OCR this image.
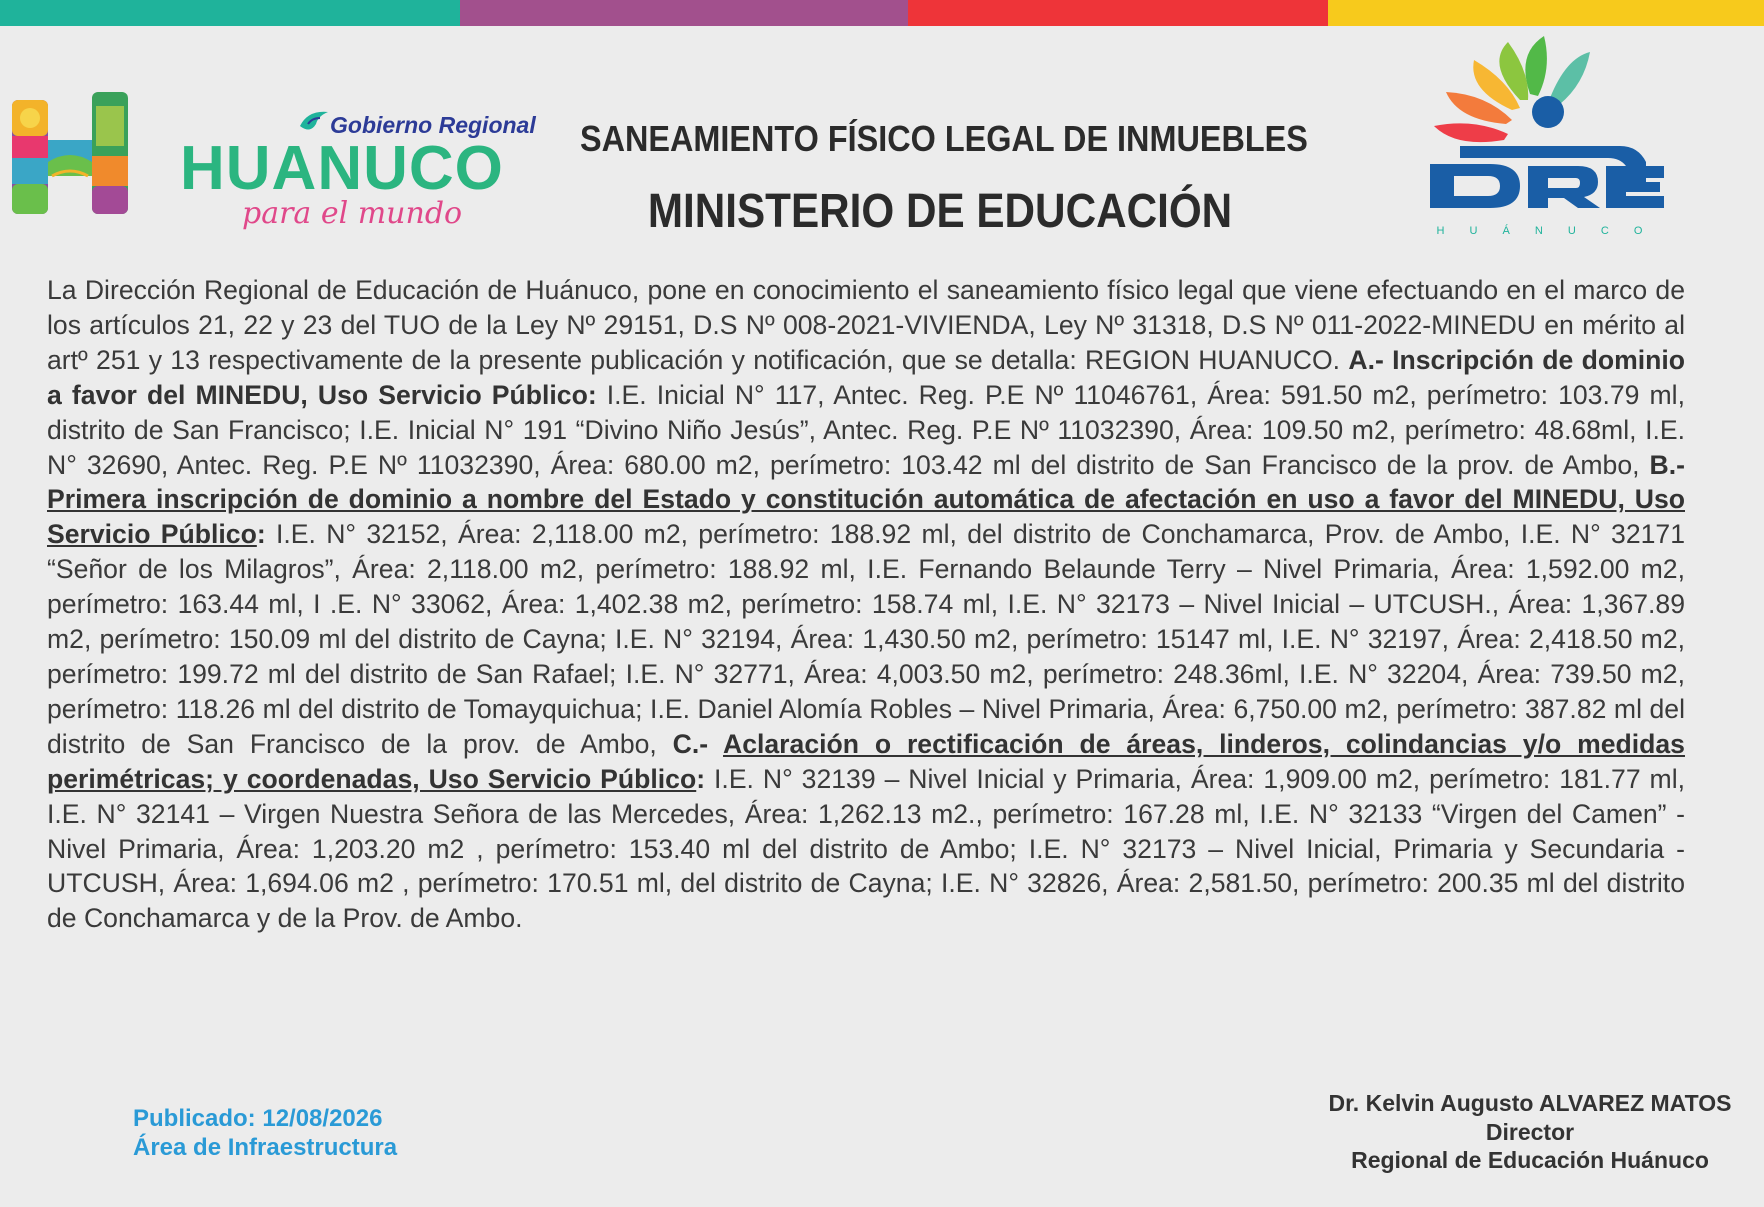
Gobierno Regional
HUANUCO
para el mundo
SANEAMIENTO FÍSICO LEGAL DE INMUEBLES
MINISTERIO DE EDUCACIÓN	H U Á N U C O
La Dirección Regional de Educación de Huánuco, pone en conocimiento el saneamiento físico legal que viene efectuando en el marco de los artículos 21, 22 y 23 del TUO de la Ley Nº 29151, D.S Nº 008-2021-VIVIENDA, Ley Nº 31318, D.S Nº 011-2022-MINEDU en mérito al artº 251 y 13 respectivamente de la presente publicación y notificación, que se detalla: REGION HUANUCO. A.- Inscripción de dominio a favor del MINEDU, Uso Servicio Público: I.E. Inicial N° 117, Antec. Reg. P.E Nº 11046761, Área: 591.50 m2, perímetro: 103.79 ml, distrito de San Francisco; I.E. Inicial N° 191 “Divino Niño Jesús”, Antec. Reg. P.E Nº 11032390, Área: 109.50 m2, perímetro: 48.68ml, I.E. N° 32690, Antec. Reg. P.E Nº 11032390, Área: 680.00 m2, perímetro: 103.42 ml del distrito de San Francisco de la prov. de Ambo, B.- Primera inscripción de dominio a nombre del Estado y constitución automática de afectación en uso a favor del MINEDU, Uso Servicio Público: I.E. N° 32152, Área: 2,118.00 m2, perímetro: 188.92 ml, del distrito de Conchamarca, Prov. de Ambo, I.E. N° 32171 “Señor de los Milagros”, Área: 2,118.00 m2, perímetro: 188.92 ml, I.E. Fernando Belaunde Terry – Nivel Primaria, Área: 1,592.00 m2, perímetro: 163.44 ml, I .E. N° 33062, Área: 1,402.38 m2, perímetro: 158.74 ml, I.E. N° 32173 – Nivel Inicial – UTCUSH., Área: 1,367.89 m2, perímetro: 150.09 ml del distrito de Cayna; I.E. N° 32194, Área: 1,430.50 m2, perímetro: 15147 ml, I.E. N° 32197, Área: 2,418.50 m2, perímetro: 199.72 ml del distrito de San Rafael; I.E. N° 32771, Área: 4,003.50 m2, perímetro: 248.36ml, I.E. N° 32204, Área: 739.50 m2, perímetro: 118.26 ml del distrito de Tomayquichua; I.E. Daniel Alomía Robles – Nivel Primaria, Área: 6,750.00 m2, perímetro: 387.82 ml del distrito de San Francisco de la prov. de Ambo, C.- Aclaración o rectificación de áreas, linderos, colindancias y/o medidas perimétricas; y coordenadas, Uso Servicio Público: I.E. N° 32139 – Nivel Inicial y Primaria, Área: 1,909.00 m2, perímetro: 181.77 ml, I.E. N° 32141 – Virgen Nuestra Señora de las Mercedes, Área: 1,262.13 m2., perímetro: 167.28 ml, I.E. N° 32133 “Virgen del Camen” - Nivel Primaria, Área: 1,203.20 m2 , perímetro: 153.40 ml del distrito de Ambo; I.E. N° 32173 – Nivel Inicial, Primaria y Secundaria - UTCUSH, Área: 1,694.06 m2 , perímetro: 170.51 ml, del distrito de Cayna; I.E. N° 32826, Área: 2,581.50, perímetro: 200.35 ml del distrito de Conchamarca y de la Prov. de Ambo.
Publicado: 12/08/2026
Área de Infraestructura
Dr. Kelvin Augusto ALVAREZ MATOS
Director
Regional de Educación Huánuco
